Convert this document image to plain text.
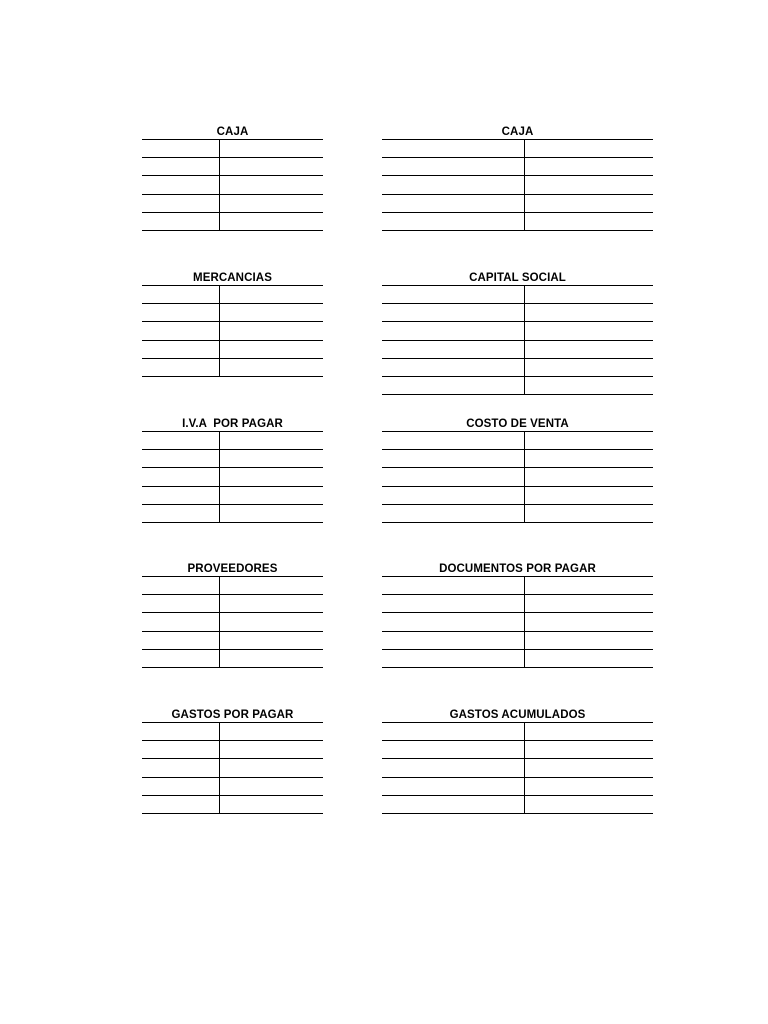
CAJA	CAJA
MERCANCIAS	CAPITAL SOCIAL
I.V.A  POR PAGAR	COSTO DE VENTA
PROVEEDORES	DOCUMENTOS POR PAGAR
GASTOS POR PAGAR	GASTOS ACUMULADOS
